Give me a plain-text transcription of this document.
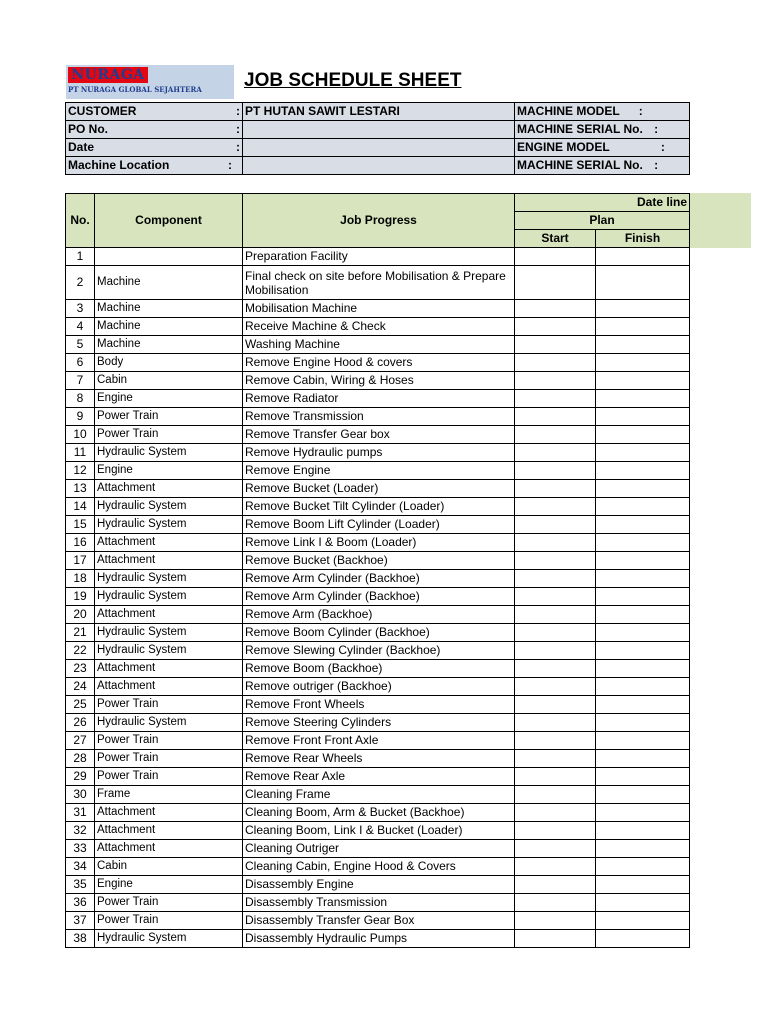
NURAGA
PT NURAGA GLOBAL SEJAHTERA JOB SCHEDULE SHEET
CUSTOMER :	PT HUTAN SAWIT LESTARI	MACHINE MODEL :

PO No. :		MACHINE SERIAL No. :

Date :		ENGINE MODEL :

Machine Location :		MACHINE SERIAL No. :
No.	Component	Job Progress	Date line	
			Plan	
			Start	Finish
1		Preparation Facility		
2	Machine	Final check on site before Mobilisation & Prepare Mobilisation		
3	Machine	Mobilisation Machine		
4	Machine	Receive Machine & Check		
5	Machine	Washing Machine		
6	Body	Remove Engine Hood & covers		
7	Cabin	Remove Cabin, Wiring & Hoses		
8	Engine	Remove Radiator		
9	Power Train	Remove Transmission		
10	Power Train	Remove Transfer Gear box		
11	Hydraulic System	Remove Hydraulic pumps		
12	Engine	Remove Engine		
13	Attachment	Remove Bucket (Loader)		
14	Hydraulic System	Remove Bucket Tilt Cylinder (Loader)		
15	Hydraulic System	Remove Boom Lift Cylinder (Loader)		
16	Attachment	Remove Link I & Boom (Loader)		
17	Attachment	Remove Bucket (Backhoe)		
18	Hydraulic System	Remove Arm Cylinder (Backhoe)		
19	Hydraulic System	Remove Arm Cylinder (Backhoe)		
20	Attachment	Remove Arm (Backhoe)		
21	Hydraulic System	Remove Boom Cylinder (Backhoe)		
22	Hydraulic System	Remove Slewing Cylinder (Backhoe)		
23	Attachment	Remove Boom (Backhoe)		
24	Attachment	Remove outriger (Backhoe)		
25	Power Train	Remove Front Wheels		
26	Hydraulic System	Remove Steering Cylinders		
27	Power Train	Remove Front Front Axle		
28	Power Train	Remove Rear Wheels		
29	Power Train	Remove Rear Axle		
30	Frame	Cleaning Frame		
31	Attachment	Cleaning Boom, Arm & Bucket (Backhoe)		
32	Attachment	Cleaning Boom, Link I & Bucket (Loader)		
33	Attachment	Cleaning Outriger		
34	Cabin	Cleaning Cabin, Engine Hood & Covers		
35	Engine	Disassembly Engine		
36	Power Train	Disassembly Transmission		
37	Power Train	Disassembly Transfer Gear Box		
38	Hydraulic System	Disassembly Hydraulic Pumps		
